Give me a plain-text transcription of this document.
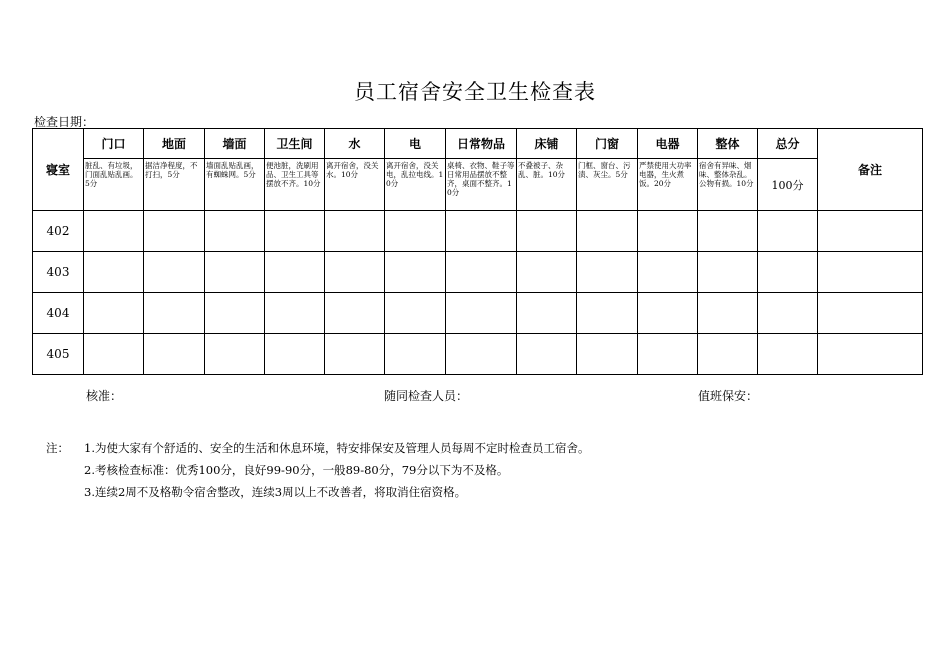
员工宿舍安全卫生检查表
检查日期：
寝室	门口	地面	墙面	卫生间	水	电	日常物品	床铺	门窗	电器	整体	总分	备注
	脏乱、有垃圾，门面乱贴乱画。5分	据洁净程度，不打扫，5分	墙面乱贴乱画，有蜘蛛网。5分	便池脏，洗刷用品、卫生工具等摆放不齐。10分	离开宿舍，没关水。10分	离开宿舍，没关电，乱拉电线。10分	桌椅、衣物、鞋子等日常用品摆放不整齐，桌面不整齐。10分	不叠被子、杂乱、脏。10分	门框、窗台、污渍、灰尘。5分	严禁使用大功率电器，生火煮饭。20分	宿舍有异味、烟味、整体杂乱。公物有损。10分	100分	
402													
403													
404													
405													
核准：	随同检查人员：	值班保安：
注： 1.为使大家有个舒适的、安全的生活和休息环境，特安排保安及管理人员每周不定时检查员工宿舍。
2.考核检查标准：优秀100分，良好99-90分，一般89-80分，79分以下为不及格。
3.连续2周不及格勒令宿舍整改，连续3周以上不改善者，将取消住宿资格。
